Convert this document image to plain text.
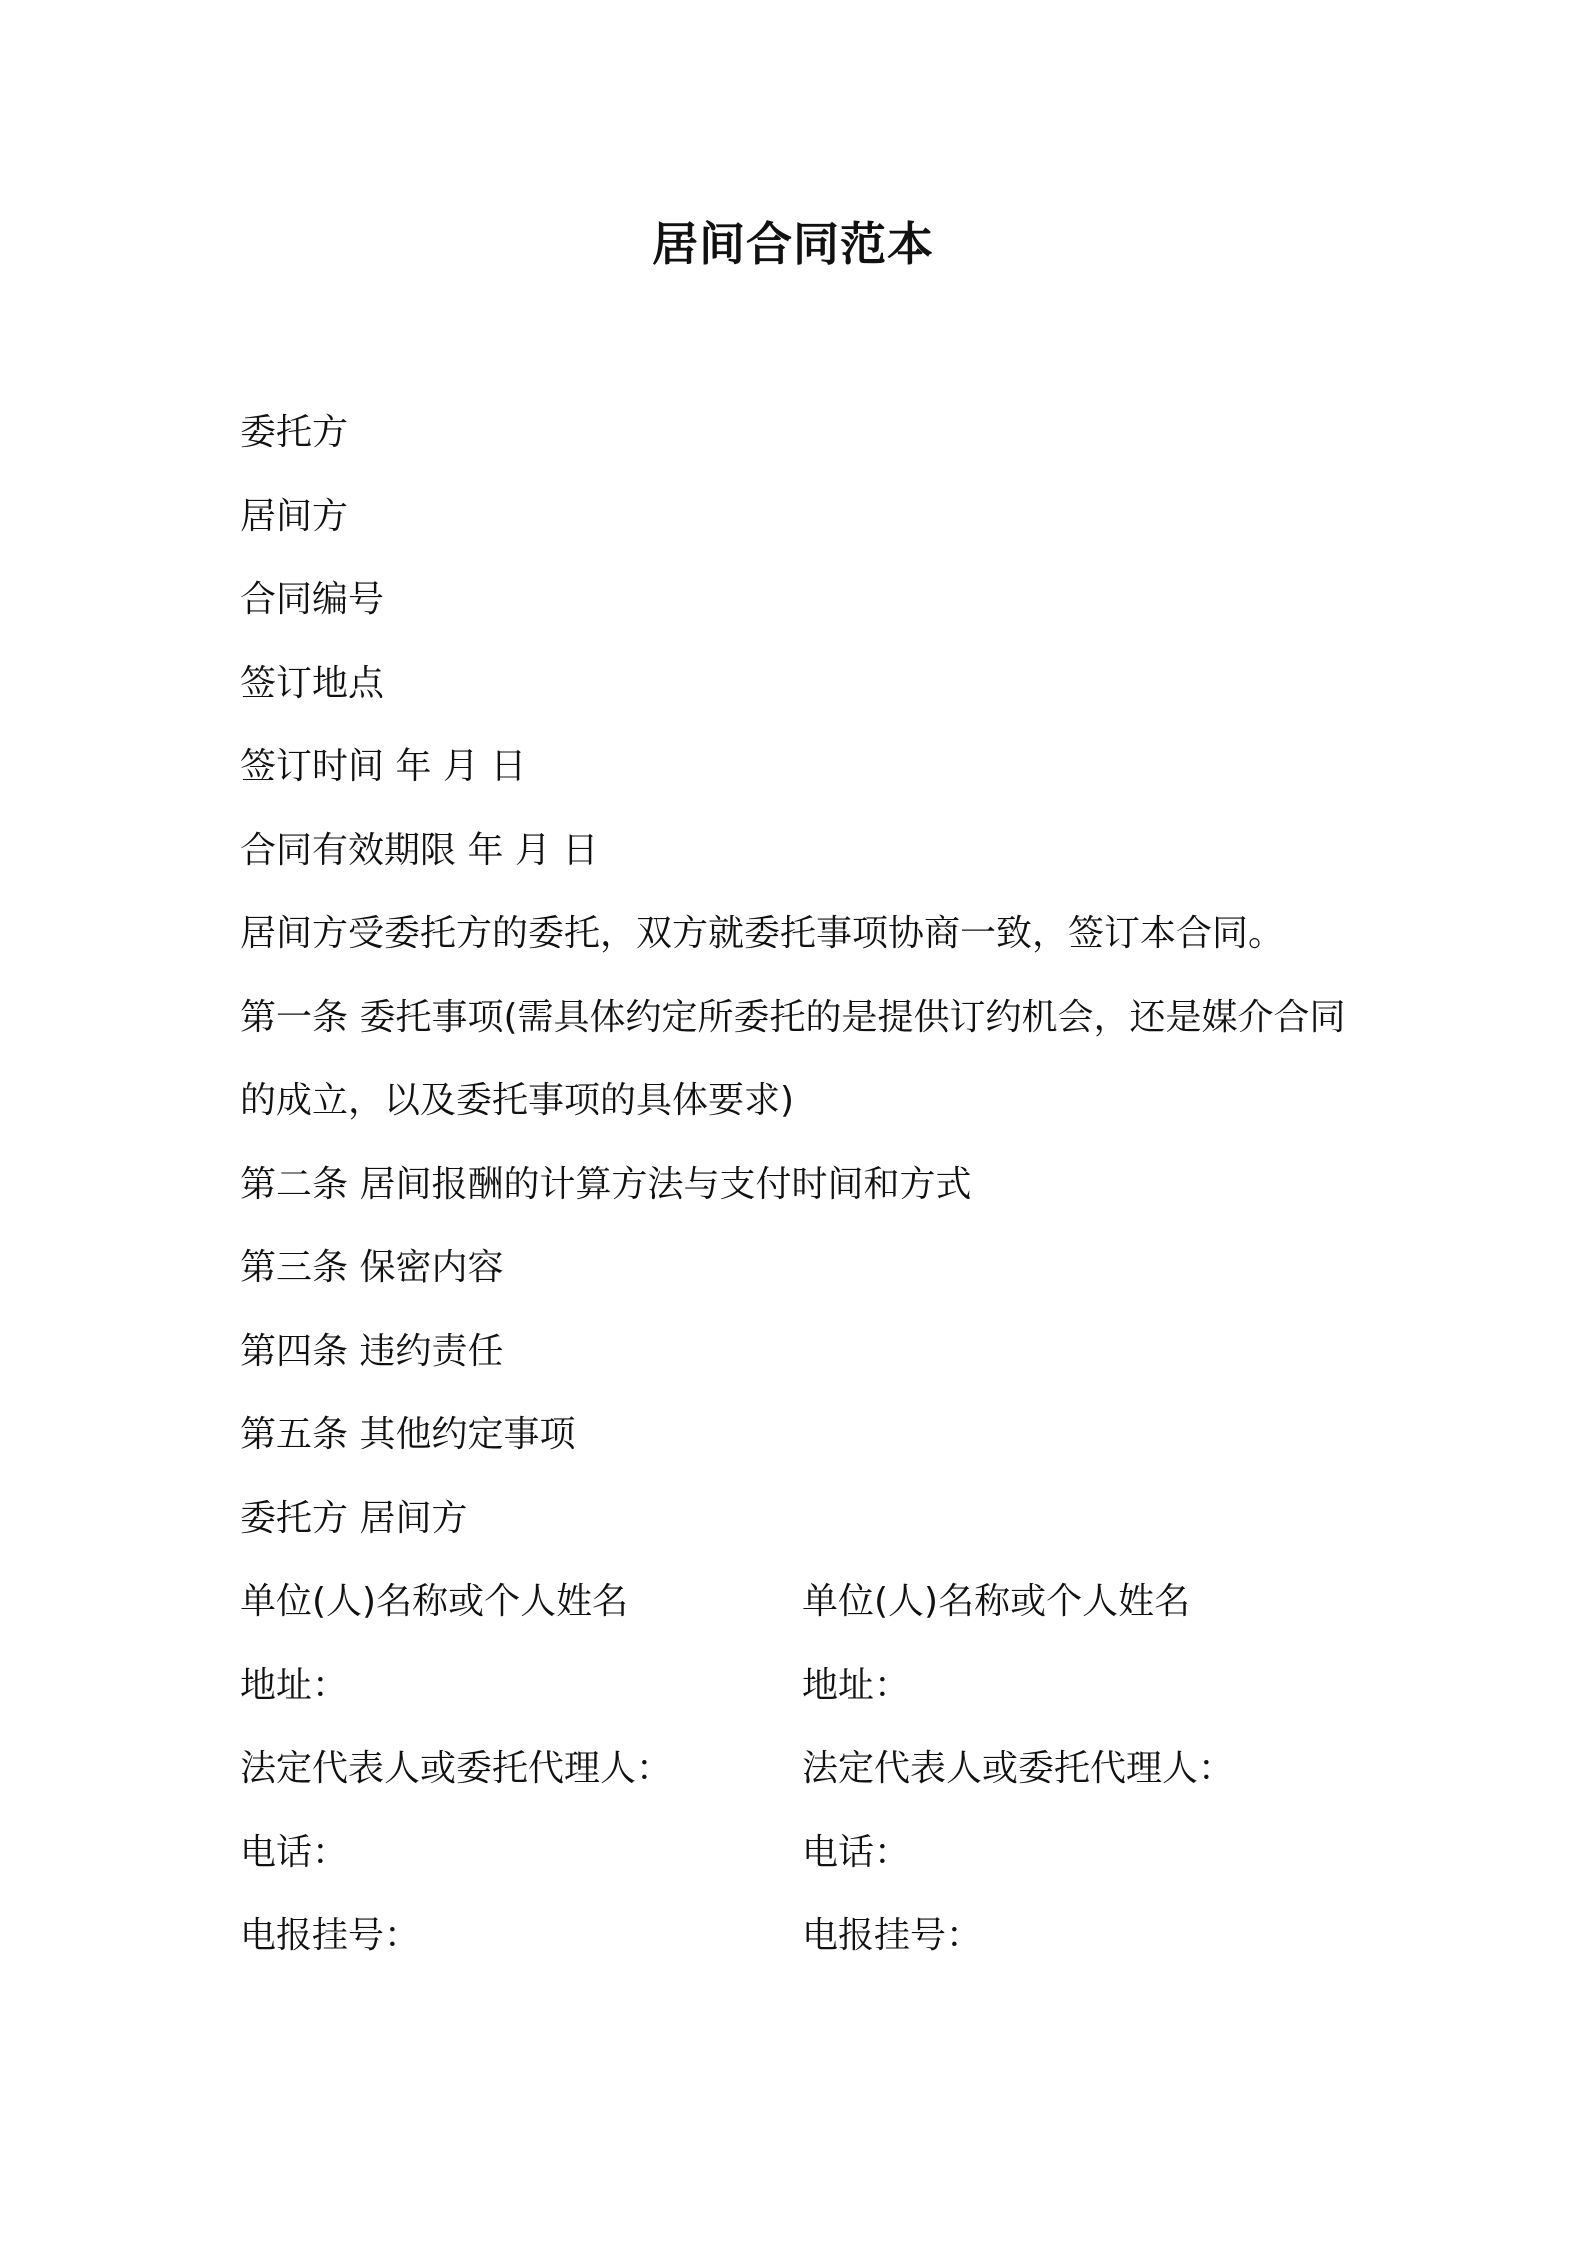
居间合同范本
委托方
居间方
合同编号
签订地点
签订时间 年 月 日
合同有效期限 年 月 日
居间方受委托方的委托，双方就委托事项协商一致，签订本合同。
第一条 委托事项(需具体约定所委托的是提供订约机会，还是媒介合同的成立，以及委托事项的具体要求)
第二条 居间报酬的计算方法与支付时间和方式
第三条 保密内容
第四条 违约责任
第五条 其他约定事项
委托方 居间方
单位(人)名称或个人姓名	单位(人)名称或个人姓名
地址：	地址：
法定代表人或委托代理人：	法定代表人或委托代理人：
电话：	电话：
电报挂号：	电报挂号：
